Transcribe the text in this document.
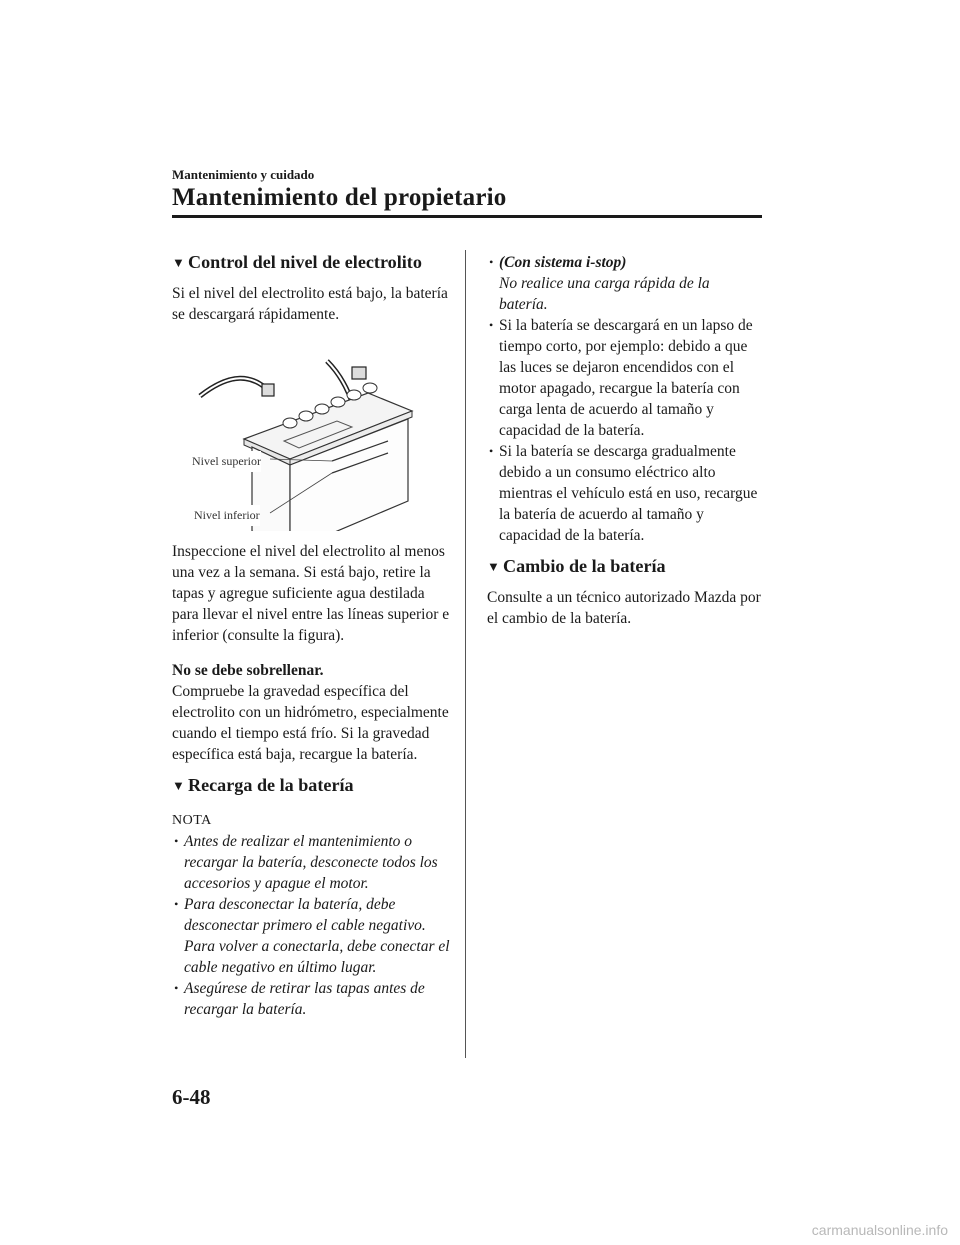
Mantenimiento y cuidado
Mantenimiento del propietario
▼ Control del nivel de electrolito

Si el nivel del electrolito está bajo, la batería se descargará rápidamente.

Nivel superior
Nivel inferior

Inspeccione el nivel del electrolito al menos una vez a la semana. Si está bajo, retire la tapas y agregue suficiente agua destilada para llevar el nivel entre las líneas superior e inferior (consulte la figura).

No se debe sobrellenar.

Compruebe la gravedad específica del electrolito con un hidrómetro, especialmente cuando el tiempo está frío. Si la gravedad específica está baja, recargue la batería.

▼ Recarga de la batería

NOTA

• Antes de realizar el mantenimiento o recargar la batería, desconecte todos los accesorios y apague el motor.
• Para desconectar la batería, debe desconectar primero el cable negativo. Para volver a conectarla, debe conectar el cable negativo en último lugar.
• Asegúrese de retirar las tapas antes de recargar la batería.
• (Con sistema i-stop)
No realice una carga rápida de la batería.
• Si la batería se descargará en un lapso de tiempo corto, por ejemplo: debido a que las luces se dejaron encendidos con el motor apagado, recargue la batería con carga lenta de acuerdo al tamaño y capacidad de la batería.
• Si la batería se descarga gradualmente debido a un consumo eléctrico alto mientras el vehículo está en uso, recargue la batería de acuerdo al tamaño y capacidad de la batería.
▼ Cambio de la batería

Consulte a un técnico autorizado Mazda por el cambio de la batería.

6-48
carmanualsonline.info
